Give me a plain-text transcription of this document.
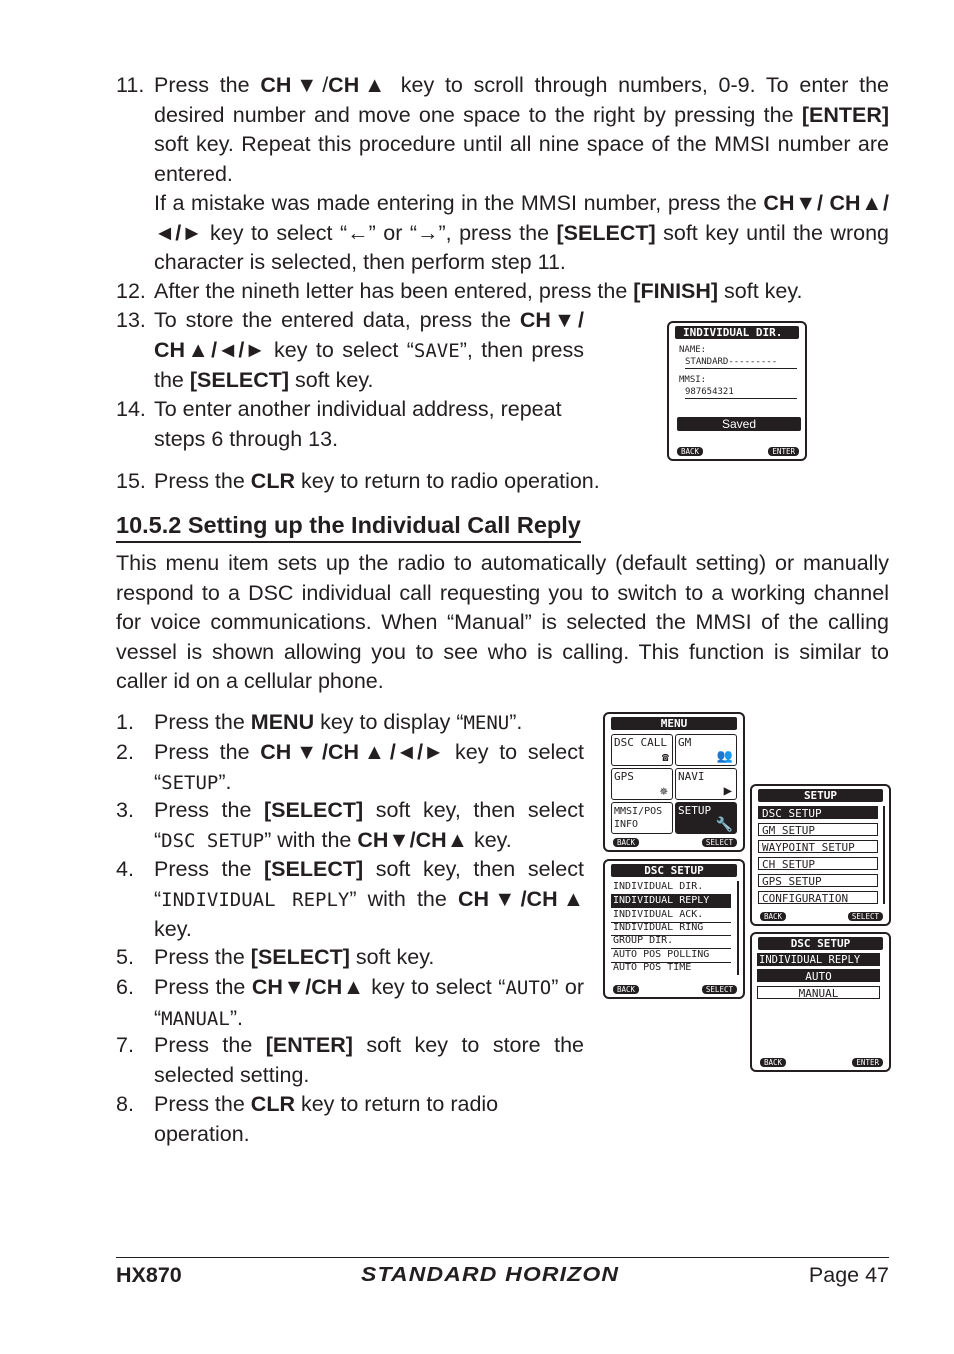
11. Press the CH▼/CH▲ key to scroll through numbers, 0-9. To enter the desired number and move one space to the right by pressing the [ENTER] soft key. Repeat this procedure until all nine space of the MMSI number are entered.
If a mistake was made entering in the MMSI number, press the CH▼/ CH▲/◄/► key to select “←” or “→”, press the [SELECT] soft key until the wrong character is selected, then perform step 11.
12. After the nineth letter has been entered, press the [FINISH] soft key.
13. To store the entered data, press the CH▼/ CH▲/◄/► key to select “SAVE”, then press the [SELECT] soft key.
14. To enter another individual address, repeat steps 6 through 13.
15. Press the CLR key to return to radio operation.
INDIVIDUAL DIR.
NAME:
STANDARD---------
MMSI:
987654321
Saved
BACK	ENTER
10.5.2 Setting up the Individual Call Reply
This menu item sets up the radio to automatically (default setting) or manually respond to a DSC individual call requesting you to switch to a working channel for voice communications. When “Manual” is selected the MMSI of the calling vessel is shown allowing you to see who is calling. This function is similar to caller id on a cellular phone.
1. Press the MENU key to display “MENU”.
2. Press the CH▼/CH▲/◄/► key to select “SETUP”.
3. Press the [SELECT] soft key, then select “DSC SETUP” with the CH▼/CH▲ key.
4. Press the [SELECT] soft key, then select “INDIVIDUAL REPLY” with the CH▼/CH▲ key.
5. Press the [SELECT] soft key.
6. Press the CH▼/CH▲ key to select “AUTO” or “MANUAL”.
7. Press the [ENTER] soft key to store the selected setting.
8. Press the CLR key to return to radio operation.
MENU
DSC CALL
☎
GM
👥
GPS
✵
NAVI
▶
MMSI/POS INFO
SETUP
🔧
BACK	SELECT
DSC SETUP
INDIVIDUAL DIR.
INDIVIDUAL REPLY
INDIVIDUAL ACK.
INDIVIDUAL RING
GROUP DIR.
AUTO POS POLLING
AUTO POS TIME
BACK	SELECT
SETUP
DSC SETUP
GM SETUP
WAYPOINT SETUP
CH SETUP
GPS SETUP
CONFIGURATION
BACK	SELECT
DSC SETUP
INDIVIDUAL REPLY
AUTO
MANUAL
BACK	ENTER
HX870	STANDARD HORIZON	Page 47
